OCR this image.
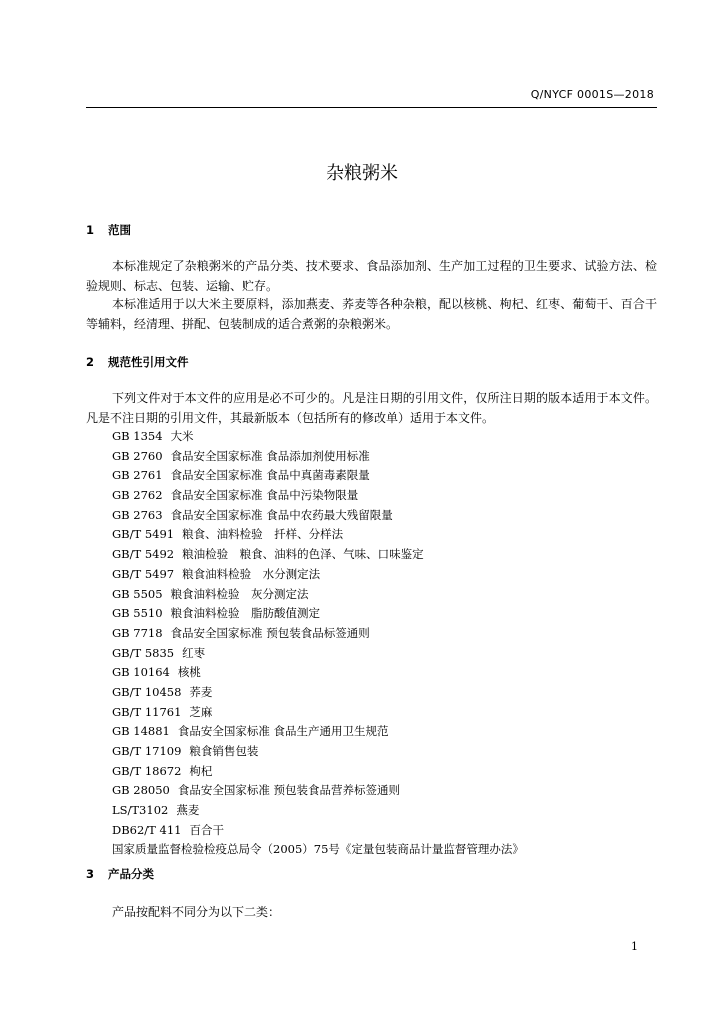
Q/NYCF 0001S—2018
杂粮粥米
1 范围
本标准规定了杂粮粥米的产品分类、技术要求、食品添加剂、生产加工过程的卫生要求、试验方法、检验规则、标志、包装、运输、贮存。
本标准适用于以大米主要原料，添加燕麦、荞麦等各种杂粮，配以核桃、枸杞、红枣、葡萄干、百合干等辅料，经清理、拼配、包装制成的适合煮粥的杂粮粥米。
2 规范性引用文件
下列文件对于本文件的应用是必不可少的。凡是注日期的引用文件，仅所注日期的版本适用于本文件。凡是不注日期的引用文件，其最新版本（包括所有的修改单）适用于本文件。
GB 1354 大米
GB 2760 食品安全国家标准 食品添加剂使用标准
GB 2761 食品安全国家标准 食品中真菌毒素限量
GB 2762 食品安全国家标准 食品中污染物限量
GB 2763 食品安全国家标准 食品中农药最大残留限量
GB/T 5491 粮食、油料检验　扦样、分样法
GB/T 5492 粮油检验　粮食、油料的色泽、气味、口味鉴定
GB/T 5497 粮食油料检验　水分测定法
GB 5505 粮食油料检验　灰分测定法
GB 5510 粮食油料检验　脂肪酸值测定
GB 7718 食品安全国家标准 预包装食品标签通则
GB/T 5835 红枣
GB 10164 核桃
GB/T 10458 荞麦
GB/T 11761 芝麻
GB 14881 食品安全国家标准 食品生产通用卫生规范
GB/T 17109 粮食销售包装
GB/T 18672 枸杞
GB 28050 食品安全国家标准 预包装食品营养标签通则
LS/T3102 燕麦
DB62/T 411 百合干
国家质量监督检验检疫总局令（2005）75号《定量包装商品计量监督管理办法》
3 产品分类
产品按配料不同分为以下二类：
1
